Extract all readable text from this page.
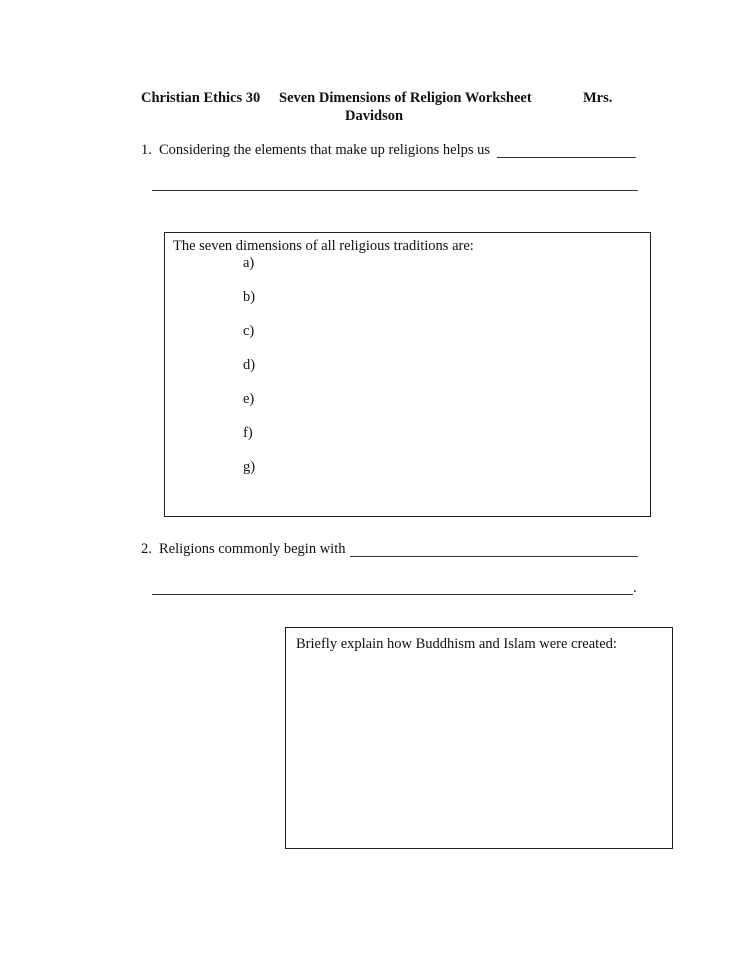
Christian Ethics 30 Seven Dimensions of Religion Worksheet	Mrs.
Davidson
1. Considering the elements that make up religions helps us
The seven dimensions of all religious traditions are:
a)
b)
c)
d)
e)
f)
g)
2. Religions commonly begin with
.
Briefly explain how Buddhism and Islam were created:
